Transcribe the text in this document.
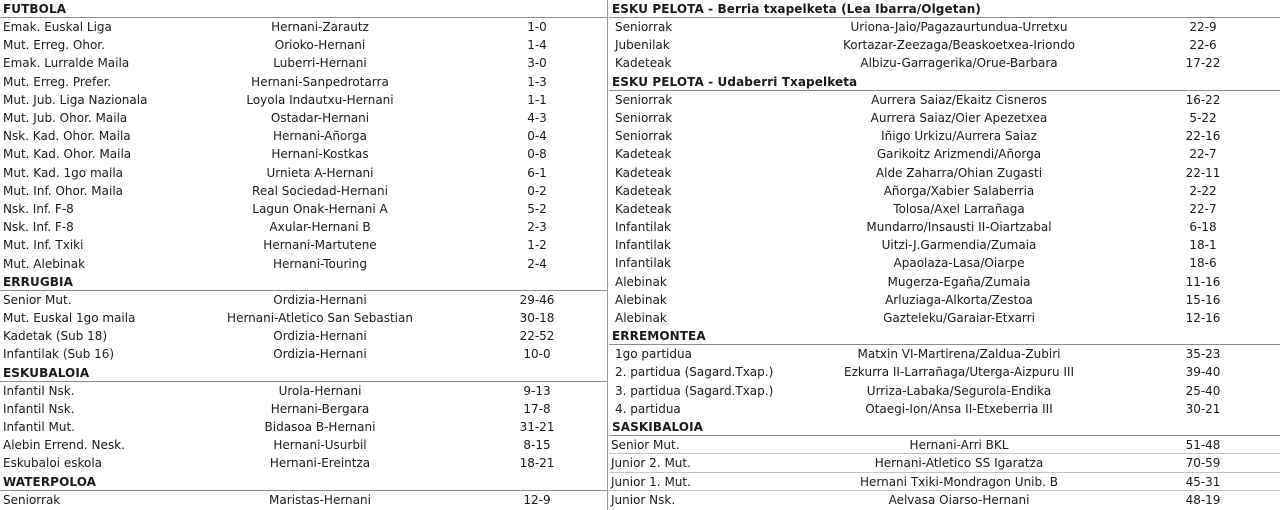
FUTBOLA
Emak. Euskal Liga	Hernani-Zarautz	1-0
Mut. Erreg. Ohor.	Orioko-Hernani	1-4
Emak. Lurralde Maila	Luberri-Hernani	3-0
Mut. Erreg. Prefer.	Hernani-Sanpedrotarra	1-3
Mut. Jub. Liga Nazionala	Loyola Indautxu-Hernani	1-1
Mut. Jub. Ohor. Maila	Ostadar-Hernani	4-3
Nsk. Kad. Ohor. Maila	Hernani-Añorga	0-4
Mut. Kad. Ohor. Maila	Hernani-Kostkas	0-8
Mut. Kad. 1go maila	Urnieta A-Hernani	6-1
Mut. Inf. Ohor. Maila	Real Sociedad-Hernani	0-2
Nsk. Inf. F-8	Lagun Onak-Hernani A	5-2
Nsk. Inf. F-8	Axular-Hernani B	2-3
Mut. Inf. Txiki	Hernani-Martutene	1-2
Mut. Alebinak	Hernani-Touring	2-4
ERRUGBIA
Senior Mut.	Ordizia-Hernani	29-46
Mut. Euskal 1go maila	Hernani-Atletico San Sebastian	30-18
Kadetak (Sub 18)	Ordizia-Hernani	22-52
Infantilak (Sub 16)	Ordizia-Hernani	10-0
ESKUBALOIA
Infantil Nsk.	Urola-Hernani	9-13
Infantil Nsk.	Hernani-Bergara	17-8
Infantil Mut.	Bidasoa B-Hernani	31-21
Alebin Errend. Nesk.	Hernani-Usurbil	8-15
Eskubaloi eskola	Hernani-Ereintza	18-21
WATERPOLOA
Seniorrak	Maristas-Hernani	12-9
ESKU PELOTA - Berria txapelketa (Lea Ibarra/Olgetan)
Seniorrak	Uriona-Jaio/Pagazaurtundua-Urretxu	22-9
Jubenilak	Kortazar-Zeezaga/Beaskoetxea-Iriondo	22-6
Kadeteak	Albizu-Garragerika/Orue-Barbara	17-22
ESKU PELOTA - Udaberri Txapelketa
Seniorrak	Aurrera Saiaz/Ekaitz Cisneros	16-22
Seniorrak	Aurrera Saiaz/Oier Apezetxea	5-22
Seniorrak	Iñigo Urkizu/Aurrera Saiaz	22-16
Kadeteak	Garikoitz Arizmendi/Añorga	22-7
Kadeteak	Alde Zaharra/Ohian Zugasti	22-11
Kadeteak	Añorga/Xabier Salaberria	2-22
Kadeteak	Tolosa/Axel Larrañaga	22-7
Infantilak	Mundarro/Insausti II-Oiartzabal	6-18
Infantilak	Uitzi-J.Garmendia/Zumaia	18-1
Infantilak	Apaolaza-Lasa/Oiarpe	18-6
Alebinak	Mugerza-Egaña/Zumaia	11-16
Alebinak	Arluziaga-Alkorta/Zestoa	15-16
Alebinak	Gazteleku/Garaiar-Etxarri	12-16
ERREMONTEA
1go partidua	Matxin VI-Martirena/Zaldua-Zubiri	35-23
2. partidua (Sagard.Txap.)	Ezkurra II-Larrañaga/Uterga-Aizpuru III	39-40
3. partidua (Sagard.Txap.)	Urriza-Labaka/Segurola-Endika	25-40
4. partidua	Otaegi-Ion/Ansa II-Etxeberria III	30-21
SASKIBALOIA
Senior Mut.	Hernani-Arri BKL	51-48
Junior 2. Mut.	Hernani-Atletico SS Igaratza	70-59
Junior 1. Mut.	Hernani Txiki-Mondragon Unib. B	45-31
Junior Nsk.	Aelvasa Oiarso-Hernani	48-19
